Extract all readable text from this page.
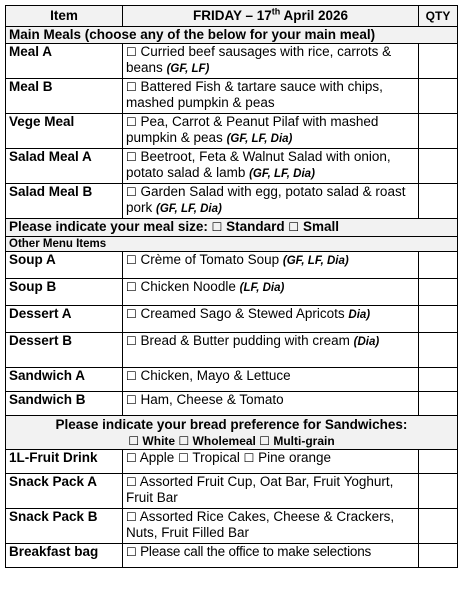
Item	FRIDAY – 17th April 2026	QTY
Main Meals (choose any of the below for your main meal)		
Meal A	☐ Curried beef sausages with rice, carrots & beans (GF, LF)	
Meal B	☐ Battered Fish & tartare sauce with chips, mashed pumpkin & peas	
Vege Meal	☐ Pea, Carrot & Peanut Pilaf with mashed pumpkin & peas (GF, LF, Dia)	
Salad Meal A	☐ Beetroot, Feta & Walnut Salad with onion, potato salad & lamb (GF, LF, Dia)	
Salad Meal B	☐ Garden Salad with egg, potato salad & roast pork (GF, LF, Dia)	
Please indicate your meal size: ☐ Standard ☐ Small		
Other Menu Items		
Soup A	☐ Crème of Tomato Soup (GF, LF, Dia)	
Soup B	☐ Chicken Noodle (LF, Dia)	
Dessert A	☐ Creamed Sago & Stewed Apricots Dia)	
Dessert B	☐ Bread & Butter pudding with cream (Dia)	
Sandwich A	☐ Chicken, Mayo & Lettuce	
Sandwich B	☐ Ham, Cheese & Tomato	

Please indicate your bread preference for Sandwiches:
☐ White ☐ Wholemeal ☐ Multi-grain		

1L-Fruit Drink	☐ Apple ☐ Tropical ☐ Pine orange	
Snack Pack A	☐ Assorted Fruit Cup, Oat Bar, Fruit Yoghurt, Fruit Bar	
Snack Pack B	☐ Assorted Rice Cakes, Cheese & Crackers, Nuts, Fruit Filled Bar	
Breakfast bag	☐ Please call the office to make selections	
